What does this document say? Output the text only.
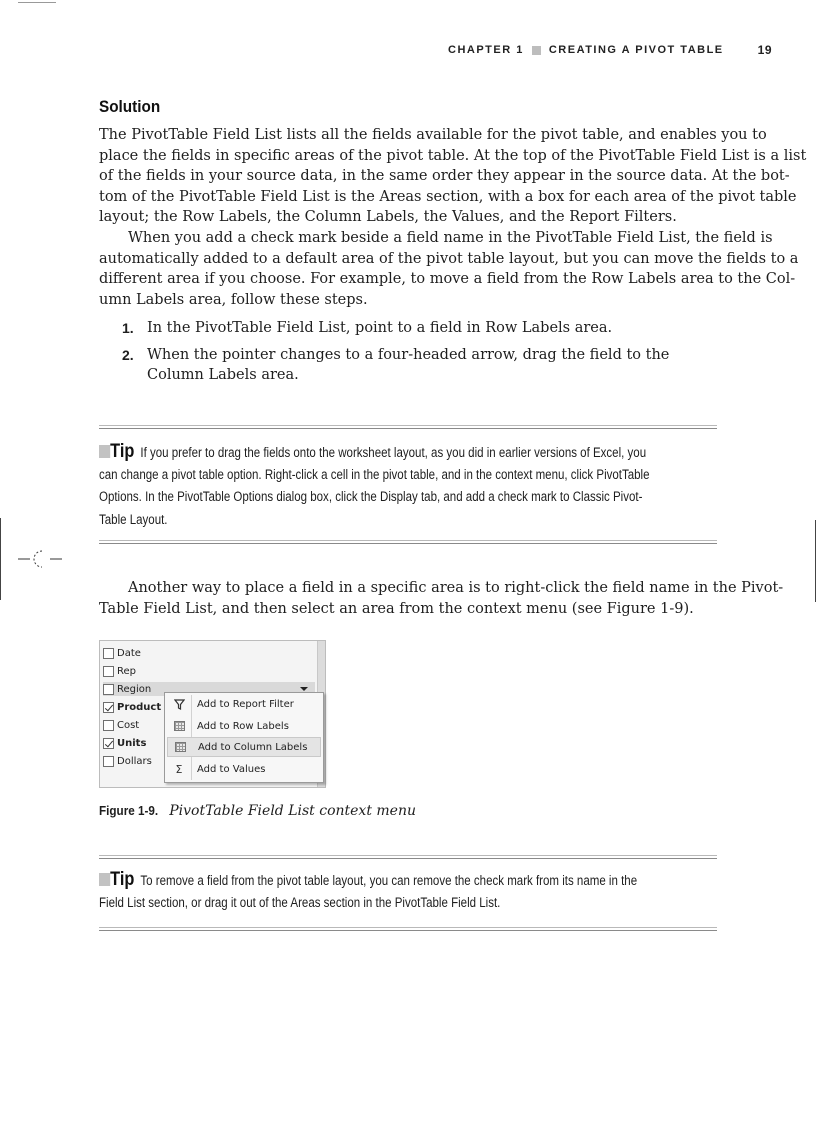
CHAPTER 1 CREATING A PIVOT TABLE	19
Solution
The PivotTable Field List lists all the fields available for the pivot table, and enables you to
place the fields in specific areas of the pivot table. At the top of the PivotTable Field List is a list
of the fields in your source data, in the same order they appear in the source data. At the bot-
tom of the PivotTable Field List is the Areas section, with a box for each area of the pivot table
layout; the Row Labels, the Column Labels, the Values, and the Report Filters.
When you add a check mark beside a field name in the PivotTable Field List, the field is
automatically added to a default area of the pivot table layout, but you can move the fields to a
different area if you choose. For example, to move a field from the Row Labels area to the Col-
umn Labels area, follow these steps.
1. In the PivotTable Field List, point to a field in Row Labels area.
2. When the pointer changes to a four-headed arrow, drag the field to the Column Labels area.
Tip If you prefer to drag the fields onto the worksheet layout, as you did in earlier versions of Excel, you
can change a pivot table option. Right-click a cell in the pivot table, and in the context menu, click PivotTable
Options. In the PivotTable Options dialog box, click the Display tab, and add a check mark to Classic Pivot-
Table Layout.
Another way to place a field in a specific area is to right-click the field name in the Pivot-
Table Field List, and then select an area from the context menu (see Figure 1-9).
Date
Rep
Region
Product
Cost
Units
Dollars
Add to Report Filter
Add to Row Labels
Add to Column Labels
Σ	Add to Values
Figure 1-9. PivotTable Field List context menu
Tip To remove a field from the pivot table layout, you can remove the check mark from its name in the
Field List section, or drag it out of the Areas section in the PivotTable Field List.
